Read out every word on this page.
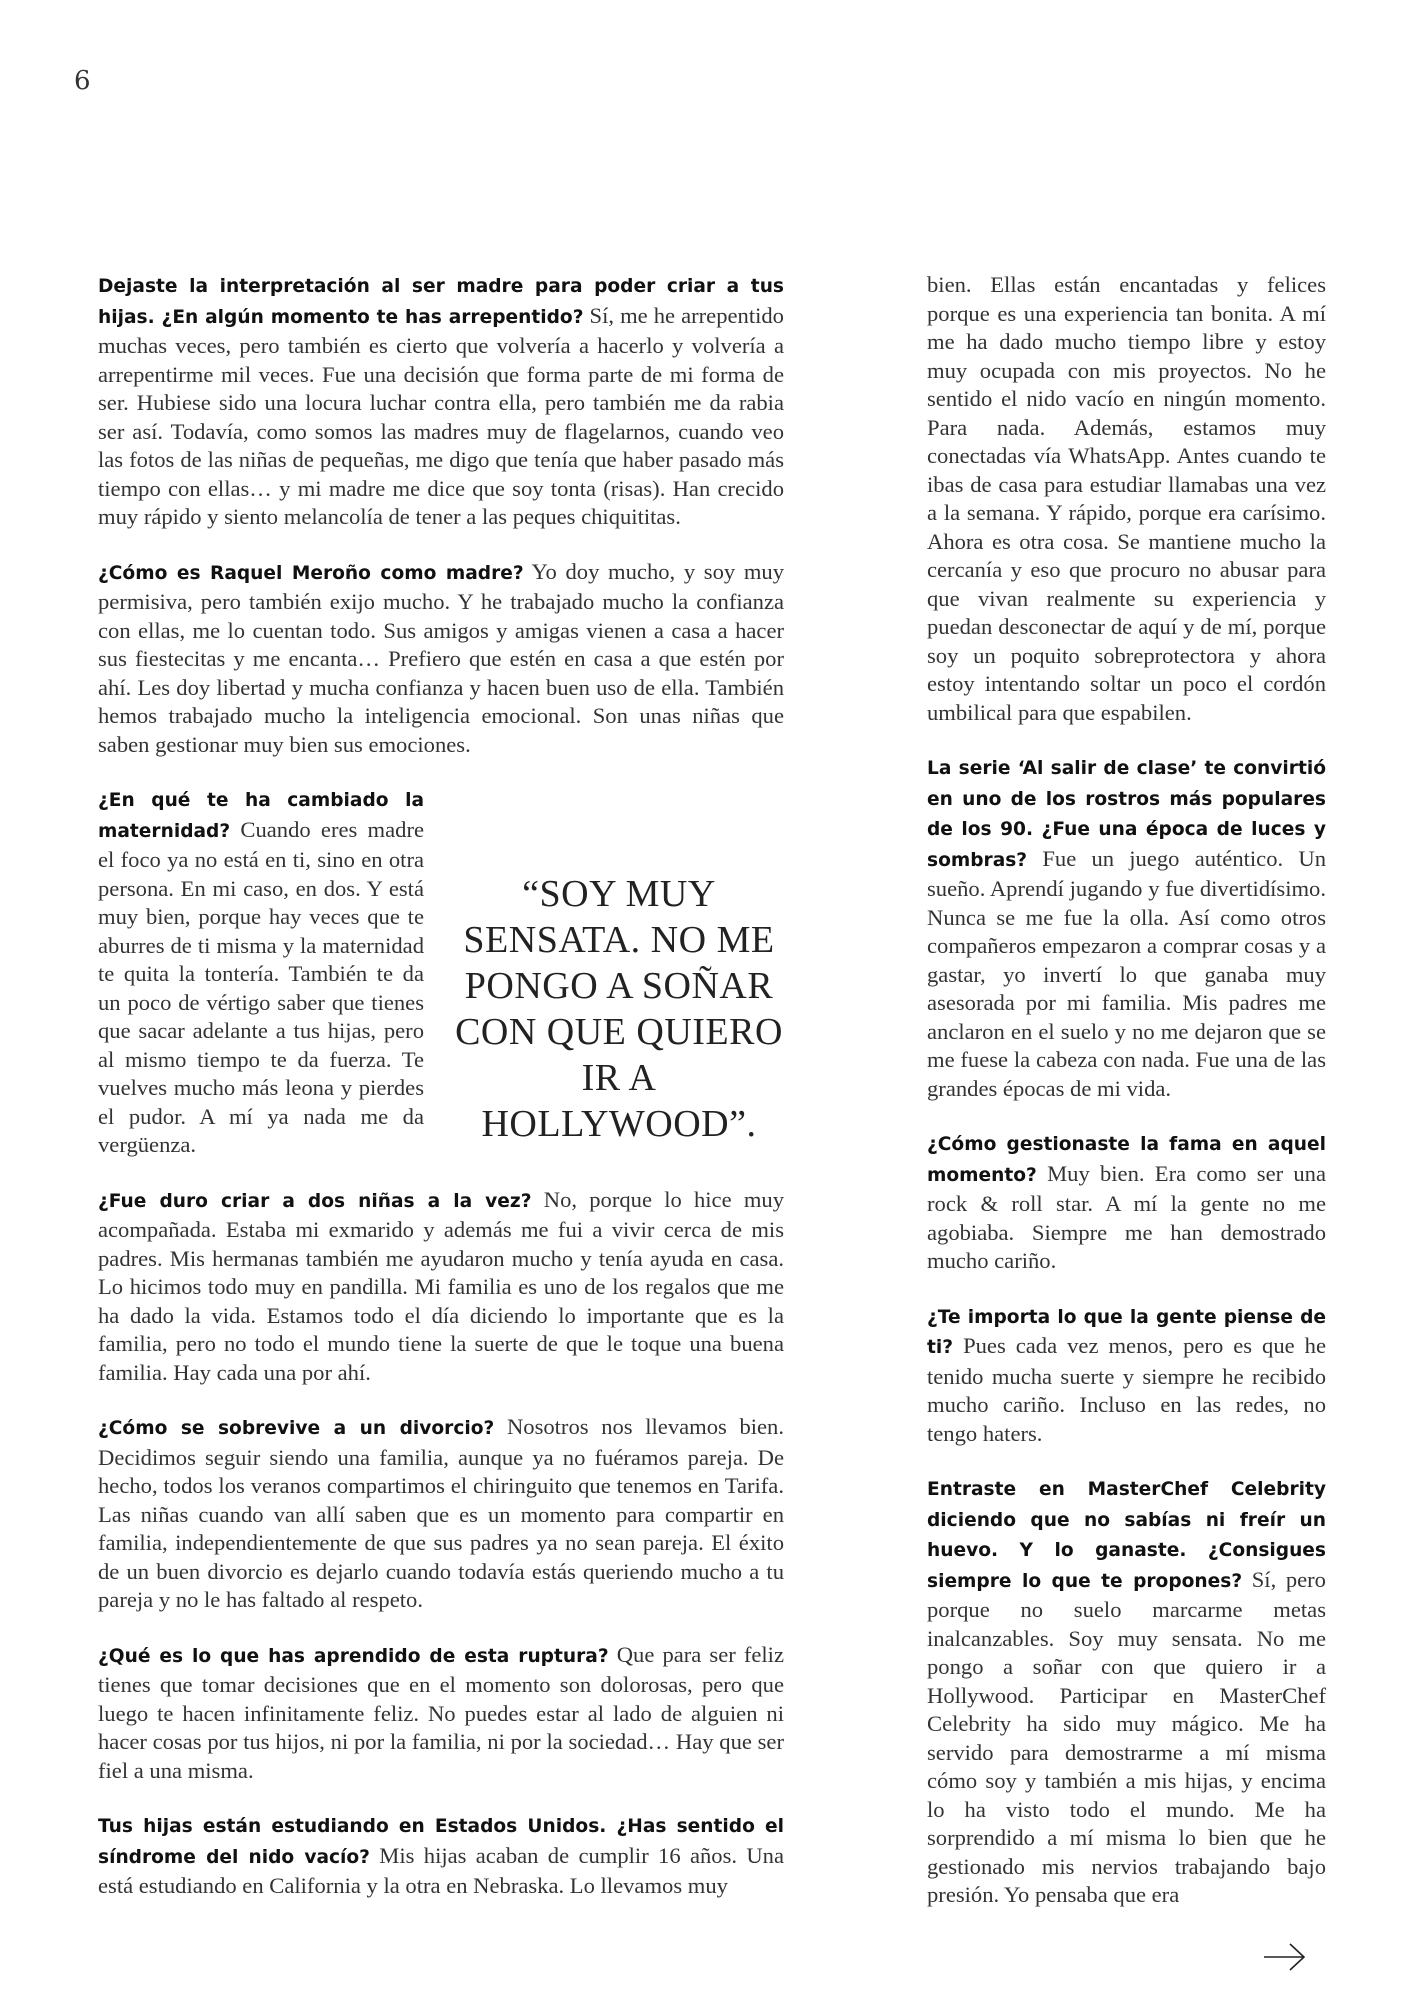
6

Dejaste la interpretación al ser madre para poder criar a tus hijas. ¿En algún momento te has arrepentido? Sí, me he arrepentido muchas veces, pero también es cierto que volvería a hacerlo y volvería a arrepentirme mil veces. Fue una decisión que forma parte de mi forma de ser. Hubiese sido una locura luchar contra ella, pero también me da rabia ser así. Todavía, como somos las madres muy de flagelarnos, cuando veo las fotos de las niñas de pequeñas, me digo que tenía que haber pasado más tiempo con ellas… y mi madre me dice que soy tonta (risas). Han crecido muy rápido y siento melancolía de tener a las peques chiquititas.

¿Cómo es Raquel Meroño como madre? Yo doy mucho, y soy muy permisiva, pero también exijo mucho. Y he trabajado mucho la confianza con ellas, me lo cuentan todo. Sus amigos y amigas vienen a casa a hacer sus fiestecitas y me encanta… Prefiero que estén en casa a que estén por ahí. Les doy libertad y mucha confianza y hacen buen uso de ella. También hemos trabajado mucho la inteligencia emocional. Son unas niñas que saben gestionar muy bien sus emociones.

“SOY MUY SENSATA. NO ME PONGO A SOÑAR CON QUE QUIERO IR A HOLLYWOOD”.

¿En qué te ha cambiado la maternidad? Cuando eres madre el foco ya no está en ti, sino en otra persona. En mi caso, en dos. Y está muy bien, porque hay veces que te aburres de ti misma y la maternidad te quita la tontería. También te da un poco de vértigo saber que tienes que sacar adelante a tus hijas, pero al mismo tiempo te da fuerza. Te vuelves mucho más leona y pierdes el pudor. A mí ya nada me da vergüenza.

¿Fue duro criar a dos niñas a la vez? No, porque lo hice muy acompañada. Estaba mi exmarido y además me fui a vivir cerca de mis padres. Mis hermanas también me ayudaron mucho y tenía ayuda en casa. Lo hicimos todo muy en pandilla. Mi familia es uno de los regalos que me ha dado la vida. Estamos todo el día diciendo lo importante que es la familia, pero no todo el mundo tiene la suerte de que le toque una buena familia. Hay cada una por ahí.

¿Cómo se sobrevive a un divorcio? Nosotros nos llevamos bien. Decidimos seguir siendo una familia, aunque ya no fuéramos pareja. De hecho, todos los veranos compartimos el chiringuito que tenemos en Tarifa. Las niñas cuando van allí saben que es un momento para compartir en familia, independientemente de que sus padres ya no sean pareja. El éxito de un buen divorcio es dejarlo cuando todavía estás queriendo mucho a tu pareja y no le has faltado al respeto.

¿Qué es lo que has aprendido de esta ruptura? Que para ser feliz tienes que tomar decisiones que en el momento son dolorosas, pero que luego te hacen infinitamente feliz. No puedes estar al lado de alguien ni hacer cosas por tus hijos, ni por la familia, ni por la sociedad… Hay que ser fiel a una misma.

Tus hijas están estudiando en Estados Unidos. ¿Has sentido el síndrome del nido vacío? Mis hijas acaban de cumplir 16 años. Una está estudiando en California y la otra en Nebraska. Lo llevamos muy

bien. Ellas están encantadas y felices porque es una experiencia tan bonita. A mí me ha dado mucho tiempo libre y estoy muy ocupada con mis proyectos. No he sentido el nido vacío en ningún momento. Para nada. Además, estamos muy conectadas vía WhatsApp. Antes cuando te ibas de casa para estudiar llamabas una vez a la semana. Y rápido, porque era carísimo. Ahora es otra cosa. Se mantiene mucho la cercanía y eso que procuro no abusar para que vivan realmente su experiencia y puedan desconectar de aquí y de mí, porque soy un poquito sobreprotectora y ahora estoy intentando soltar un poco el cordón umbilical para que espabilen.

La serie ‘Al salir de clase’ te convirtió en uno de los rostros más populares de los 90. ¿Fue una época de luces y sombras? Fue un juego auténtico. Un sueño. Aprendí jugando y fue divertidísimo. Nunca se me fue la olla. Así como otros compañeros empezaron a comprar cosas y a gastar, yo invertí lo que ganaba muy asesorada por mi familia. Mis padres me anclaron en el suelo y no me dejaron que se me fuese la cabeza con nada. Fue una de las grandes épocas de mi vida.

¿Cómo gestionaste la fama en aquel momento? Muy bien. Era como ser una rock & roll star. A mí la gente no me agobiaba. Siempre me han demostrado mucho cariño.

¿Te importa lo que la gente piense de ti? Pues cada vez menos, pero es que he tenido mucha suerte y siempre he recibido mucho cariño. Incluso en las redes, no tengo haters.

Entraste en MasterChef Celebrity diciendo que no sabías ni freír un huevo. Y lo ganaste. ¿Consigues siempre lo que te propones? Sí, pero porque no suelo marcarme metas inalcanzables. Soy muy sensata. No me pongo a soñar con que quiero ir a Hollywood. Participar en MasterChef Celebrity ha sido muy mágico. Me ha servido para demostrarme a mí misma cómo soy y también a mis hijas, y encima lo ha visto todo el mundo. Me ha sorprendido a mí misma lo bien que he gestionado mis nervios trabajando bajo presión. Yo pensaba que era
